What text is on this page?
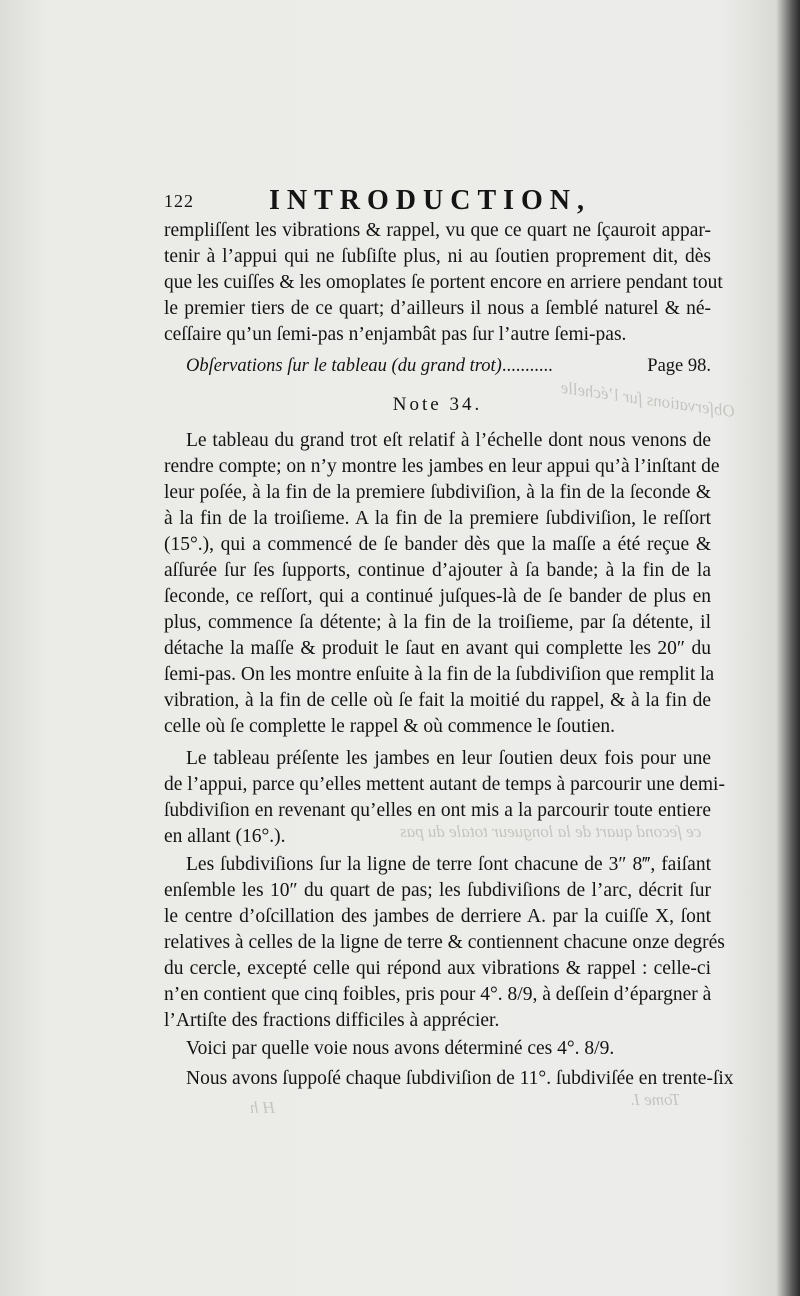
Obſervations ſur l’échelle
ce ſecond quart de la longueur totale du pas
Tome I.
H h
122	INTRODUCTION,
rempliſſent les vibrations & rappel, vu que ce quart ne ſçauroit appar-
tenir à l’appui qui ne ſubſiſte plus, ni au ſoutien proprement dit, dès
que les cuiſſes & les omoplates ſe portent encore en arriere pendant tout
le premier tiers de ce quart; d’ailleurs il nous a ſemblé naturel & né-
ceſſaire qu’un ſemi-pas n’enjambât pas ſur l’autre ſemi-pas.
Obſervations ſur le tableau (du grand trot)...........	Page 98.
Note 34.
Le tableau du grand trot eſt relatif à l’échelle dont nous venons de
rendre compte; on n’y montre les jambes en leur appui qu’à l’inſtant de
leur poſée, à la fin de la premiere ſubdiviſion, à la fin de la ſeconde &
à la fin de la troiſieme. A la fin de la premiere ſubdiviſion, le reſſort
(15°.), qui a commencé de ſe bander dès que la maſſe a été reçue &
aſſurée ſur ſes ſupports, continue d’ajouter à ſa bande; à la fin de la
ſeconde, ce reſſort, qui a continué juſques-là de ſe bander de plus en
plus, commence ſa détente; à la fin de la troiſieme, par ſa détente, il
détache la maſſe & produit le ſaut en avant qui complette les 20″ du
ſemi-pas. On les montre enſuite à la fin de la ſubdiviſion que remplit la
vibration, à la fin de celle où ſe fait la moitié du rappel, & à la fin de
celle où ſe complette le rappel & où commence le ſoutien.
Le tableau préſente les jambes en leur ſoutien deux fois pour une
de l’appui, parce qu’elles mettent autant de temps à parcourir une demi-
ſubdiviſion en revenant qu’elles en ont mis a la parcourir toute entiere
en allant (16°.).
Les ſubdiviſions ſur la ligne de terre ſont chacune de 3″ 8‴, faiſant
enſemble les 10″ du quart de pas; les ſubdiviſions de l’arc, décrit ſur
le centre d’oſcillation des jambes de derriere A. par la cuiſſe X, ſont
relatives à celles de la ligne de terre & contiennent chacune onze degrés
du cercle, excepté celle qui répond aux vibrations & rappel : celle-ci
n’en contient que cinq foibles, pris pour 4°. 8/9, à deſſein d’épargner à
l’Artiſte des fractions difficiles à apprécier.
Voici par quelle voie nous avons déterminé ces 4°. 8/9.
Nous avons ſuppoſé chaque ſubdiviſion de 11°. ſubdiviſée en trente-ſix
